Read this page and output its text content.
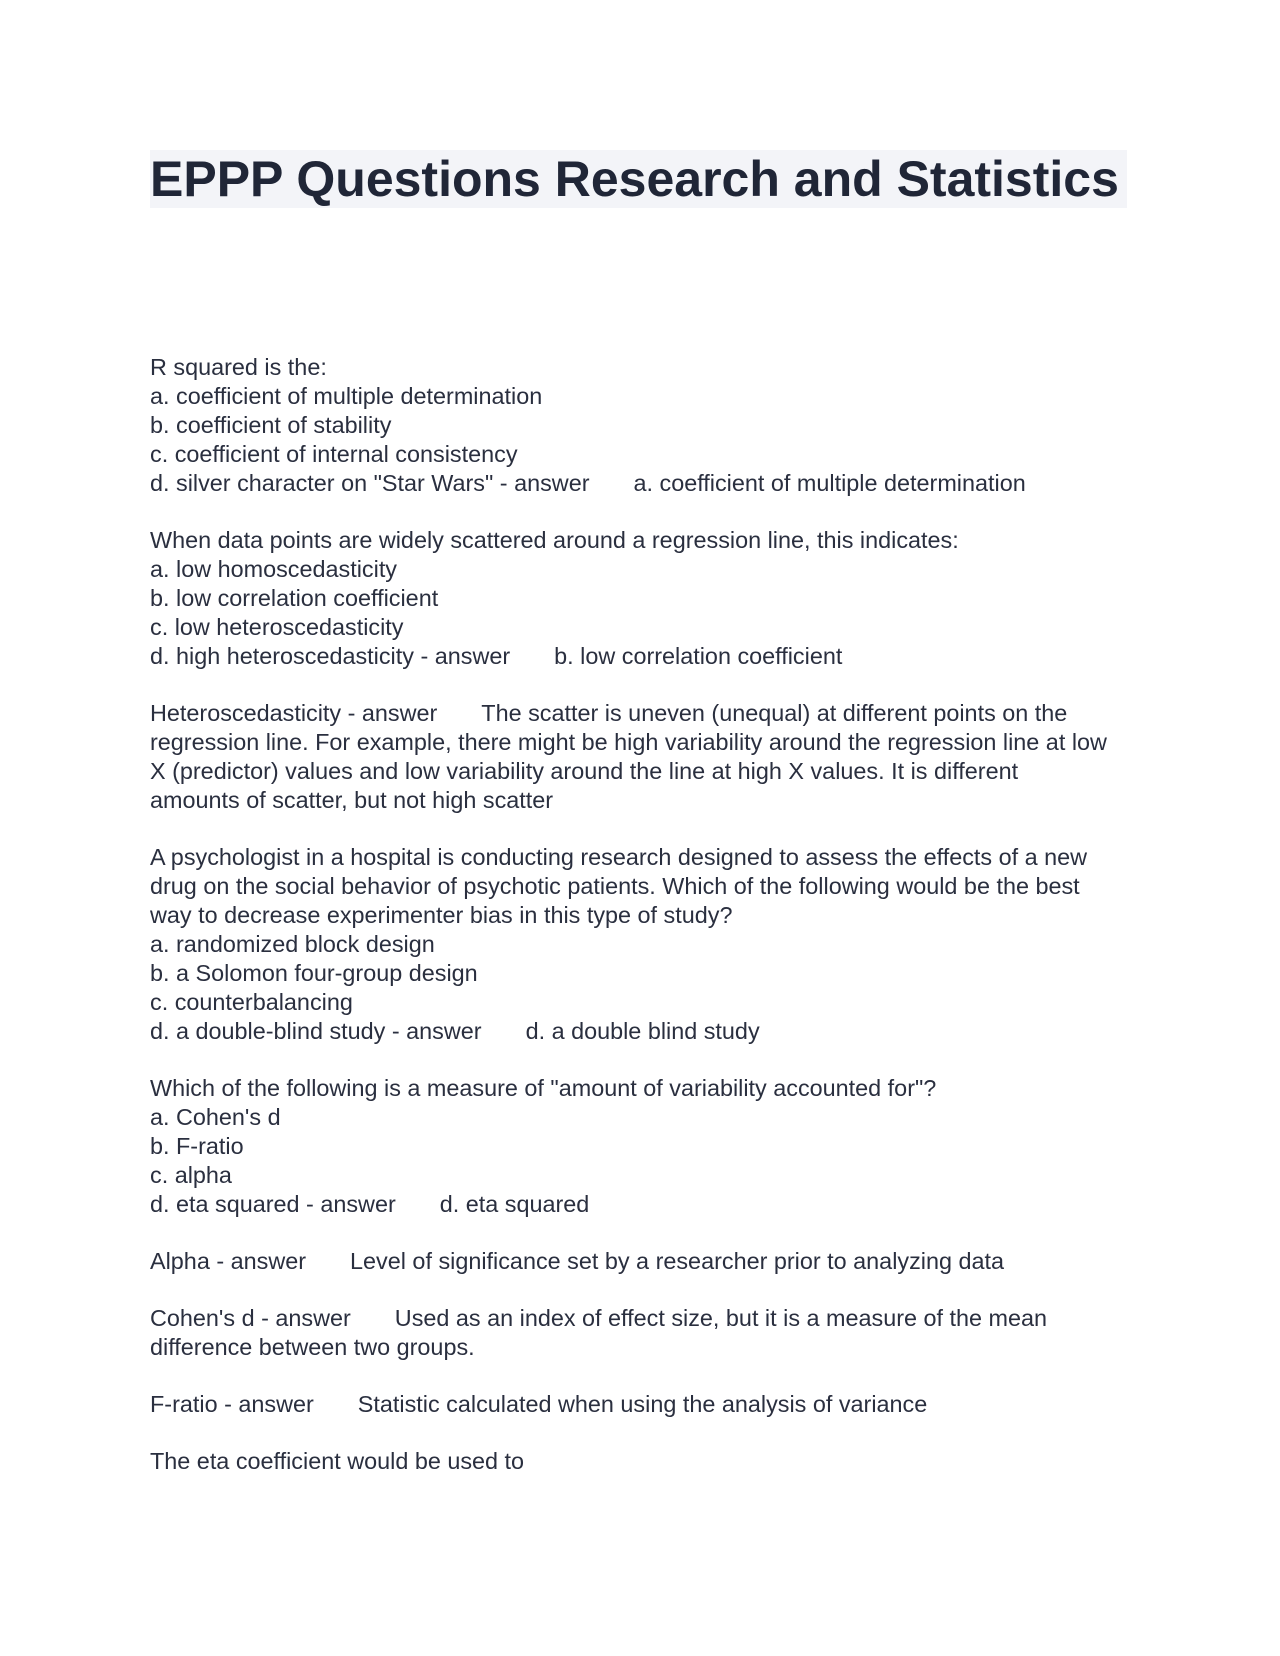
EPPP Questions Research and Statistics
R squared is the:
a. coefficient of multiple determination
b. coefficient of stability
c. coefficient of internal consistency
d. silver character on "Star Wars" - answer a. coefficient of multiple determination
When data points are widely scattered around a regression line, this indicates:
a. low homoscedasticity
b. low correlation coefficient
c. low heteroscedasticity
d. high heteroscedasticity - answer b. low correlation coefficient
Heteroscedasticity - answer The scatter is uneven (unequal) at different points on the regression line. For example, there might be high variability around the regression line at low X (predictor) values and low variability around the line at high X values. It is different amounts of scatter, but not high scatter
A psychologist in a hospital is conducting research designed to assess the effects of a new drug on the social behavior of psychotic patients. Which of the following would be the best way to decrease experimenter bias in this type of study?
a. randomized block design
b. a Solomon four-group design
c. counterbalancing
d. a double-blind study - answer d. a double blind study
Which of the following is a measure of "amount of variability accounted for"?
a. Cohen's d
b. F-ratio
c. alpha
d. eta squared - answer d. eta squared
Alpha - answer Level of significance set by a researcher prior to analyzing data
Cohen's d - answer Used as an index of effect size, but it is a measure of the mean difference between two groups.
F-ratio - answer Statistic calculated when using the analysis of variance
The eta coefficient would be used to
